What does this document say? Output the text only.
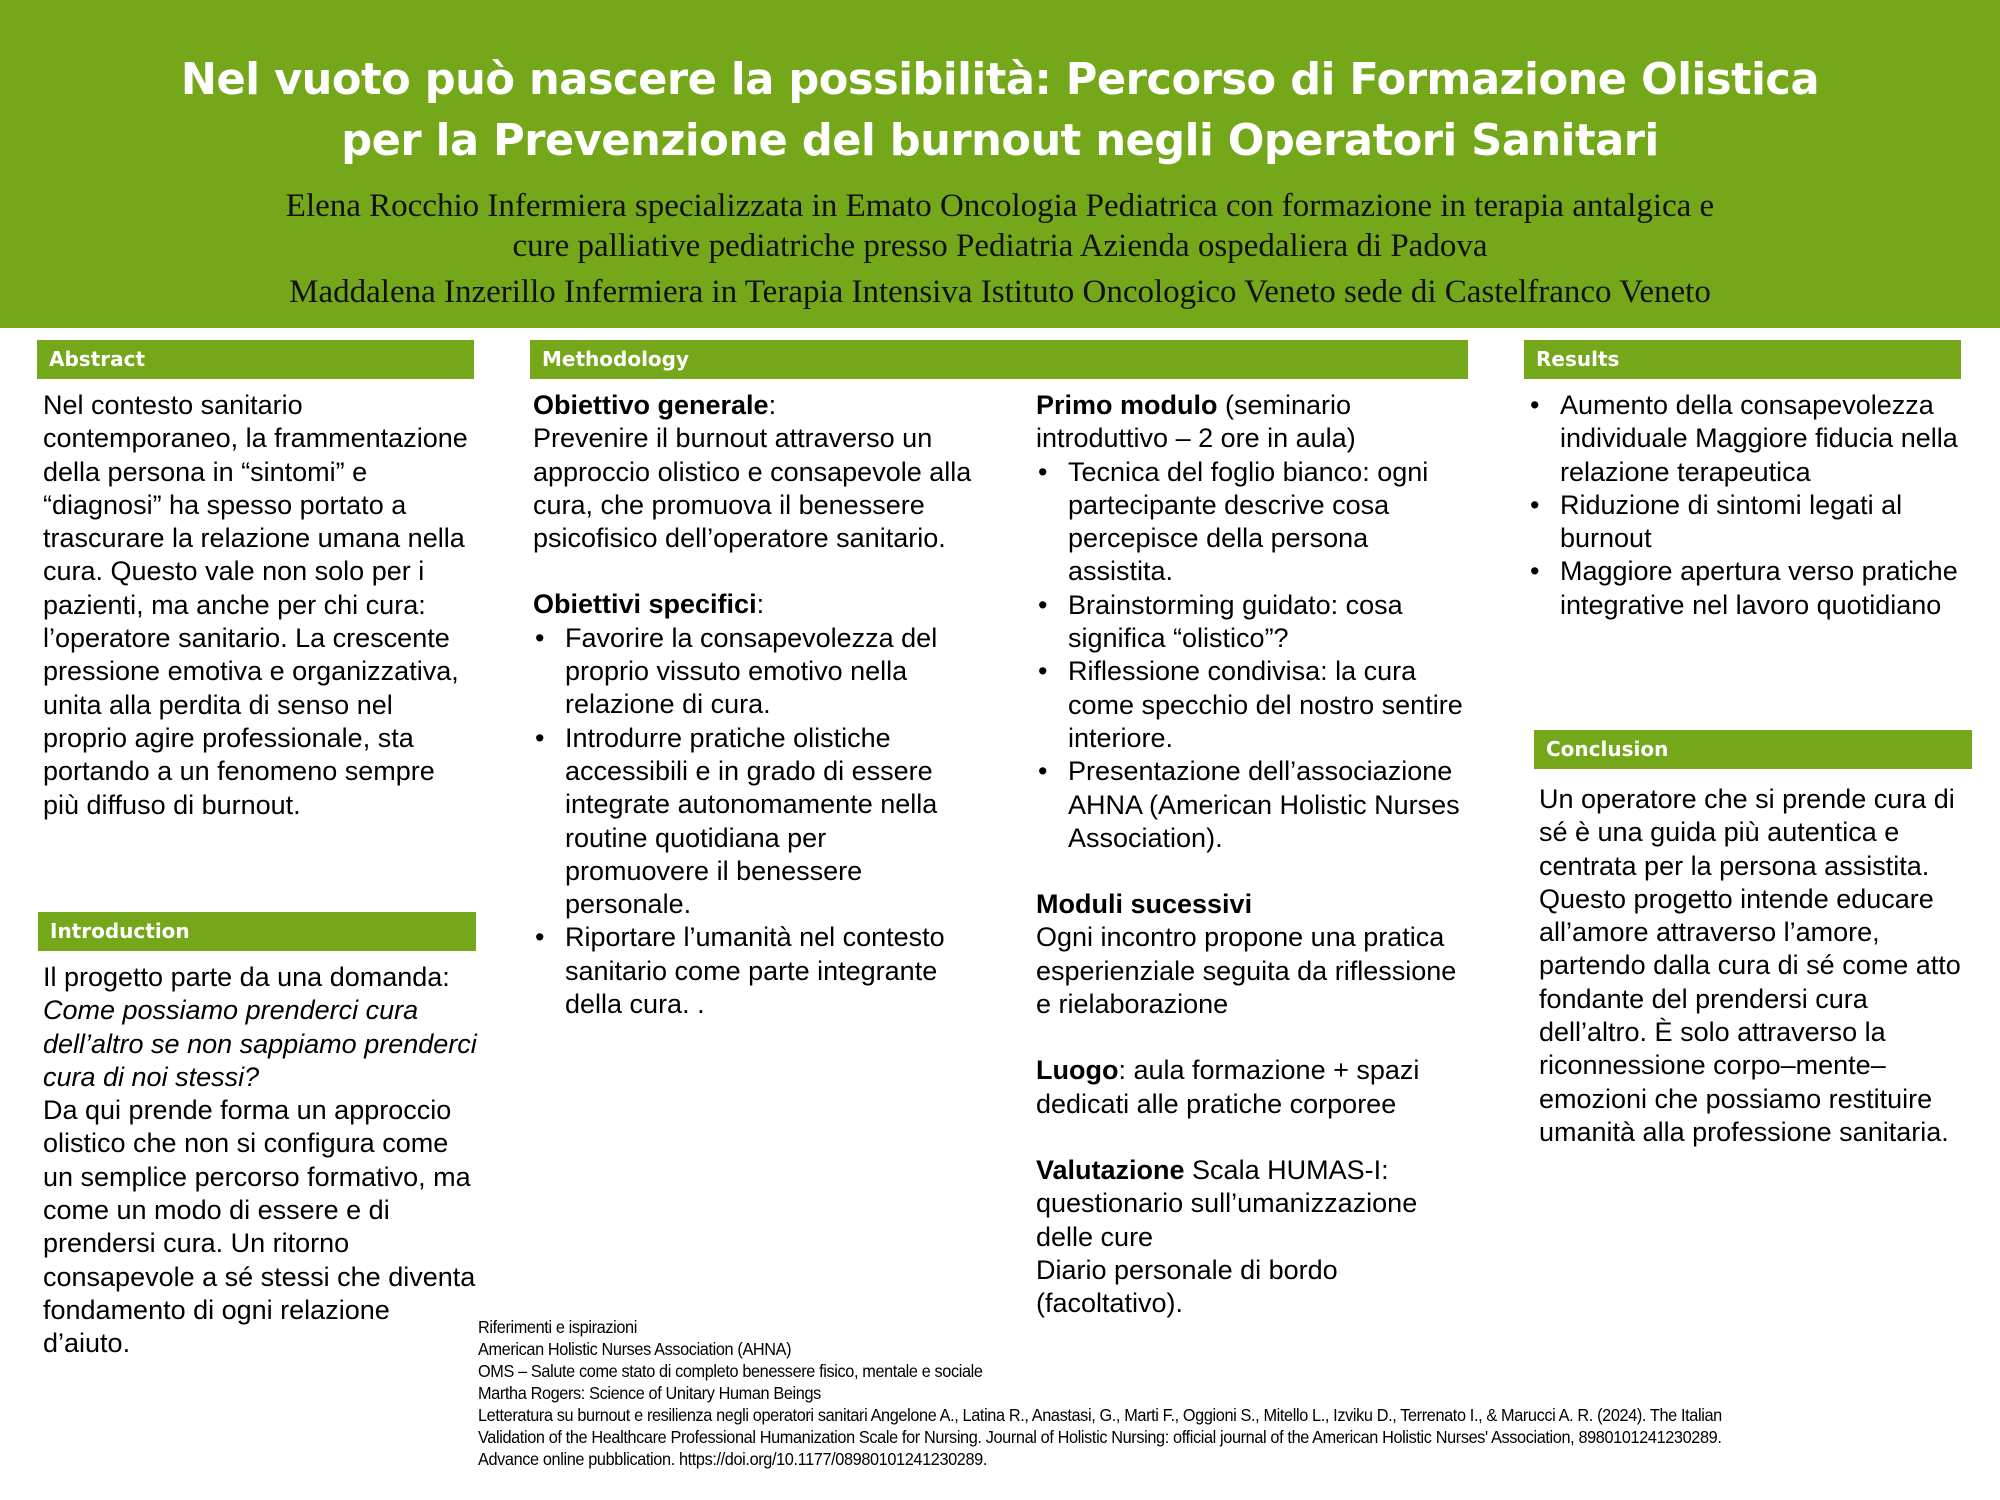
Nel vuoto può nascere la possibilità: Percorso di Formazione Olistica
per la Prevenzione del burnout negli Operatori Sanitari
Elena Rocchio Infermiera specializzata in Emato Oncologia Pediatrica con formazione in terapia antalgica e
cure palliative pediatriche presso Pediatria Azienda ospedaliera di Padova
Maddalena Inzerillo Infermiera in Terapia Intensiva Istituto Oncologico Veneto sede di Castelfranco Veneto
Abstract

Nel contesto sanitario contemporaneo, la frammentazione della persona in “sintomi” e “diagnosi” ha spesso portato a trascurare la relazione umana nella cura. Questo vale non solo per i pazienti, ma anche per chi cura: l’operatore sanitario. La crescente pressione emotiva e organizzativa, unita alla perdita di senso nel proprio agire professionale, sta portando a un fenomeno sempre più diffuso di burnout.

Introduction

Il progetto parte da una domanda:

Come possiamo prenderci cura dell’altro se non sappiamo prenderci cura di noi stessi?

Da qui prende forma un approccio olistico che non si configura come un semplice percorso formativo, ma come un modo di essere e di prendersi cura. Un ritorno consapevole a sé stessi che diventa fondamento di ogni relazione d’aiuto.

Methodology

Obiettivo generale:

Prevenire il burnout attraverso un approccio olistico e consapevole alla cura, che promuova il benessere psicofisico dell’operatore sanitario.

Obiettivi specifici:

• Favorire la consapevolezza del proprio vissuto emotivo nella relazione di cura.
• Introdurre pratiche olistiche accessibili e in grado di essere integrate autonomamente nella routine quotidiana per promuovere il benessere personale.
• Riportare l’umanità nel contesto sanitario come parte integrante della cura. .

Primo modulo (seminario introduttivo – 2 ore in aula)

• Tecnica del foglio bianco: ogni partecipante descrive cosa percepisce della persona assistita.
• Brainstorming guidato: cosa significa “olistico”?
• Riflessione condivisa: la cura come specchio del nostro sentire interiore.
• Presentazione dell’associazione AHNA (American Holistic Nurses Association).

Moduli sucessivi

Ogni incontro propone una pratica esperienziale seguita da riflessione e rielaborazione

Luogo: aula formazione + spazi dedicati alle pratiche corporee

Valutazione Scala HUMAS-I: questionario sull’umanizzazione delle cure

Diario personale di bordo (facoltativo).

Results
• Aumento della consapevolezza individuale Maggiore fiducia nella relazione terapeutica
• Riduzione di sintomi legati al burnout
• Maggiore apertura verso pratiche integrative nel lavoro quotidiano
Conclusion

Un operatore che si prende cura di sé è una guida più autentica e centrata per la persona assistita. Questo progetto intende educare all’amore attraverso l’amore, partendo dalla cura di sé come atto fondante del prendersi cura dell’altro. È solo attraverso la riconnessione corpo–mente–emozioni che possiamo restituire umanità alla professione sanitaria.

Riferimenti e ispirazioni
American Holistic Nurses Association (AHNA)
OMS – Salute come stato di completo benessere fisico, mentale e sociale
Martha Rogers: Science of Unitary Human Beings
Letteratura su burnout e resilienza negli operatori sanitari Angelone A., Latina R., Anastasi, G., Marti F., Oggioni S., Mitello L., Izviku D., Terrenato I., & Marucci A. R. (2024). The Italian
Validation of the Healthcare Professional Humanization Scale for Nursing. Journal of Holistic Nursing: official journal of the American Holistic Nurses' Association, 8980101241230289.
Advance online pubblication. https://doi.org/10.1177/08980101241230289.
